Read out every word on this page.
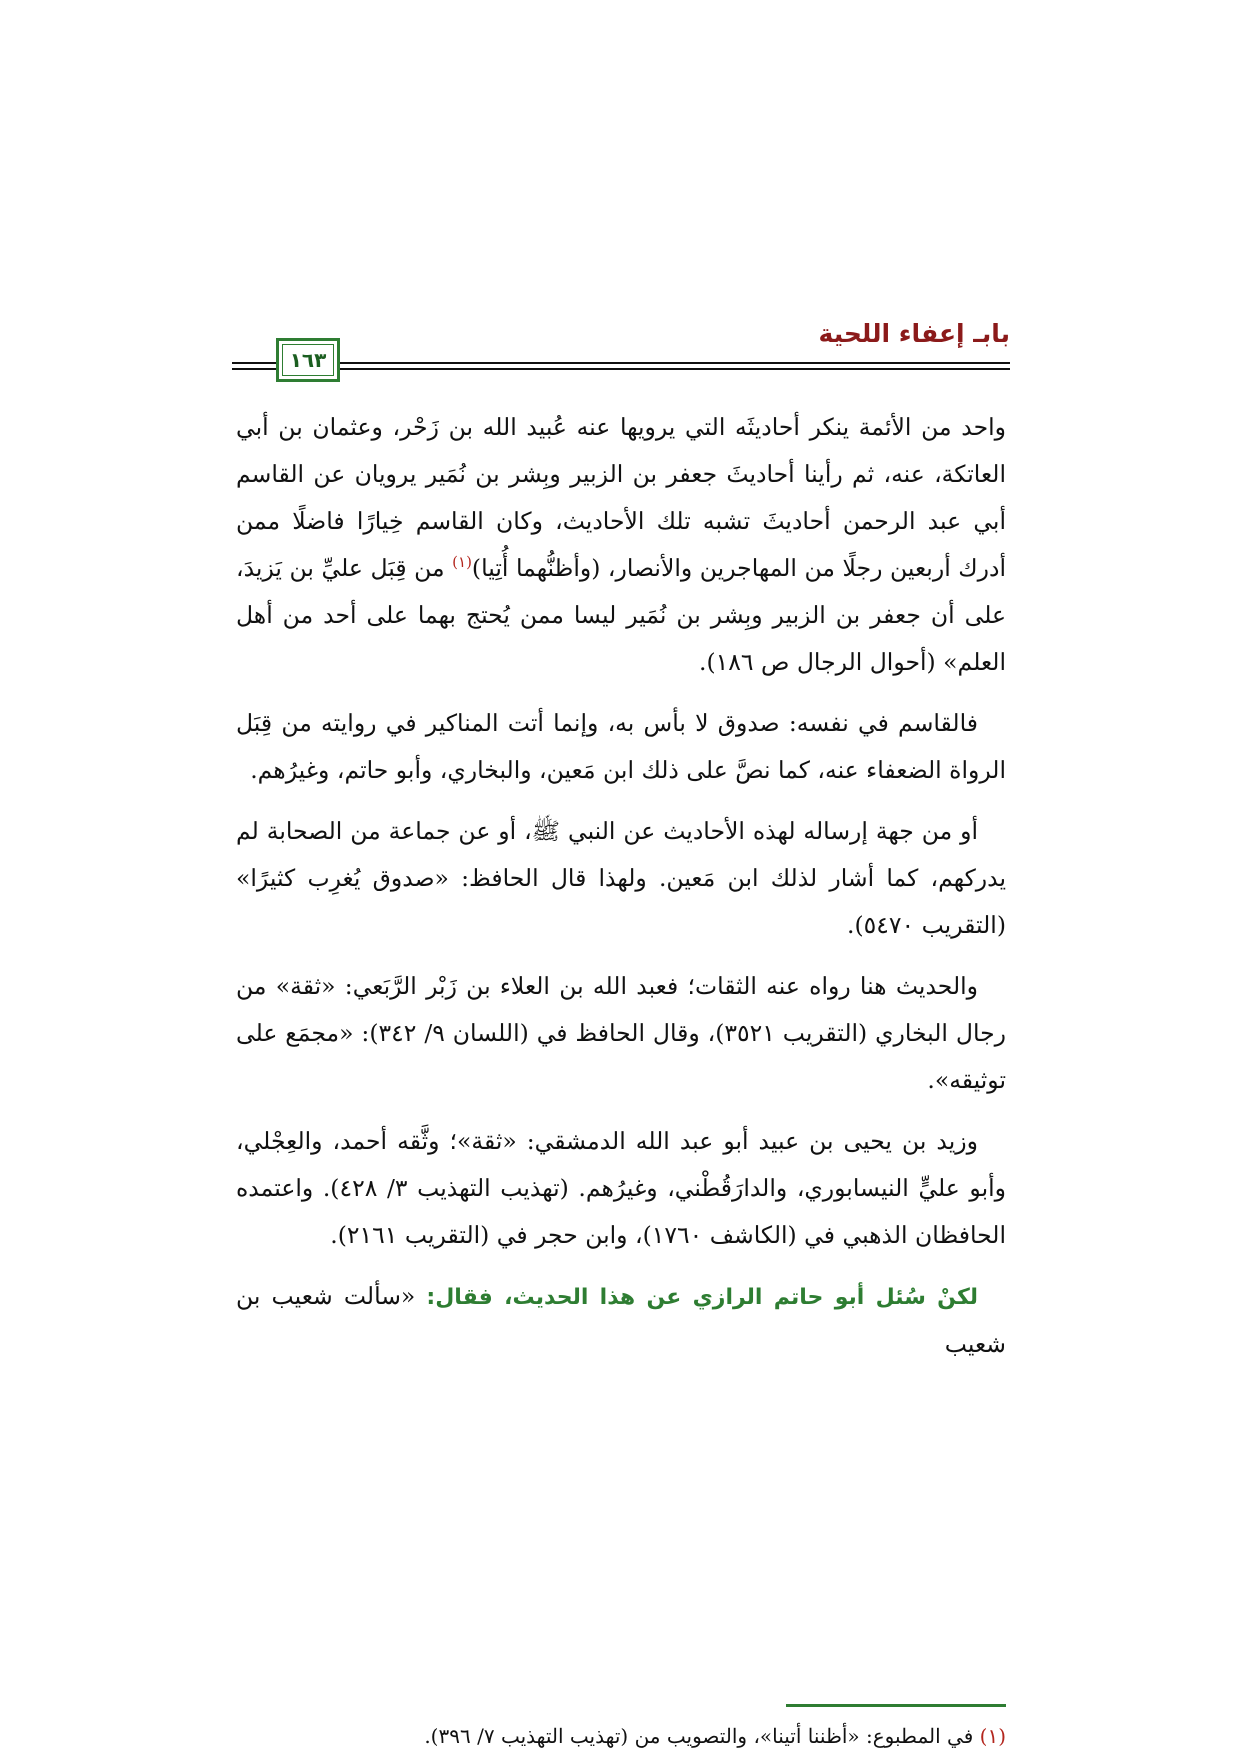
بابـ إعفاء اللحية
١٦٣

واحد من الأئمة ينكر أحاديثَه التي يرويها عنه عُبيد الله بن زَحْر، وعثمان بن أبي العاتكة، عنه، ثم رأينا أحاديثَ جعفر بن الزبير وبِشر بن نُمَير يرويان عن القاسم أبي عبد الرحمن أحاديثَ تشبه تلك الأحاديث، وكان القاسم خِيارًا فاضلًا ممن أدرك أربعين رجلًا من المهاجرين والأنصار، (وأظنُّهما أُتِيا)$^{(١)}$ من قِبَل عليِّ بن يَزيدَ، على أن جعفر بن الزبير وبِشر بن نُمَير ليسا ممن يُحتج بهما على أحد من أهل العلم» (أحوال الرجال ص ١٨٦).

فالقاسم في نفسه: صدوق لا بأس به، وإنما أتت المناكير في روايته من قِبَل الرواة الضعفاء عنه، كما نصَّ على ذلك ابن مَعين، والبخاري، وأبو حاتم، وغيرُهم.

أو من جهة إرساله لهذه الأحاديث عن النبي ﷺ، أو عن جماعة من الصحابة لم يدركهم، كما أشار لذلك ابن مَعين. ولهذا قال الحافظ: «صدوق يُغرِب كثيرًا» (التقريب ٥٤٧٠).

والحديث هنا رواه عنه الثقات؛ فعبد الله بن العلاء بن زَبْر الرَّبَعي: «ثقة» من رجال البخاري (التقريب ٣٥٢١)، وقال الحافظ في (اللسان ٩/ ٣٤٢): «مجمَع على توثيقه».

وزيد بن يحيى بن عبيد أبو عبد الله الدمشقي: «ثقة»؛ وثَّقه أحمد، والعِجْلي، وأبو عليٍّ النيسابوري، والدارَقُطْني، وغيرُهم. (تهذيب التهذيب ٣/ ٤٢٨). واعتمده الحافظان الذهبي في (الكاشف ١٧٦٠)، وابن حجر في (التقريب ٢١٦١).

لكنْ سُئل أبو حاتم الرازي عن هذا الحديث، فقال: «سألت شعيب بن شعيب

(١) في المطبوع: «أظننا أتينا»، والتصويب من (تهذيب التهذيب ٧/ ٣٩٦).
